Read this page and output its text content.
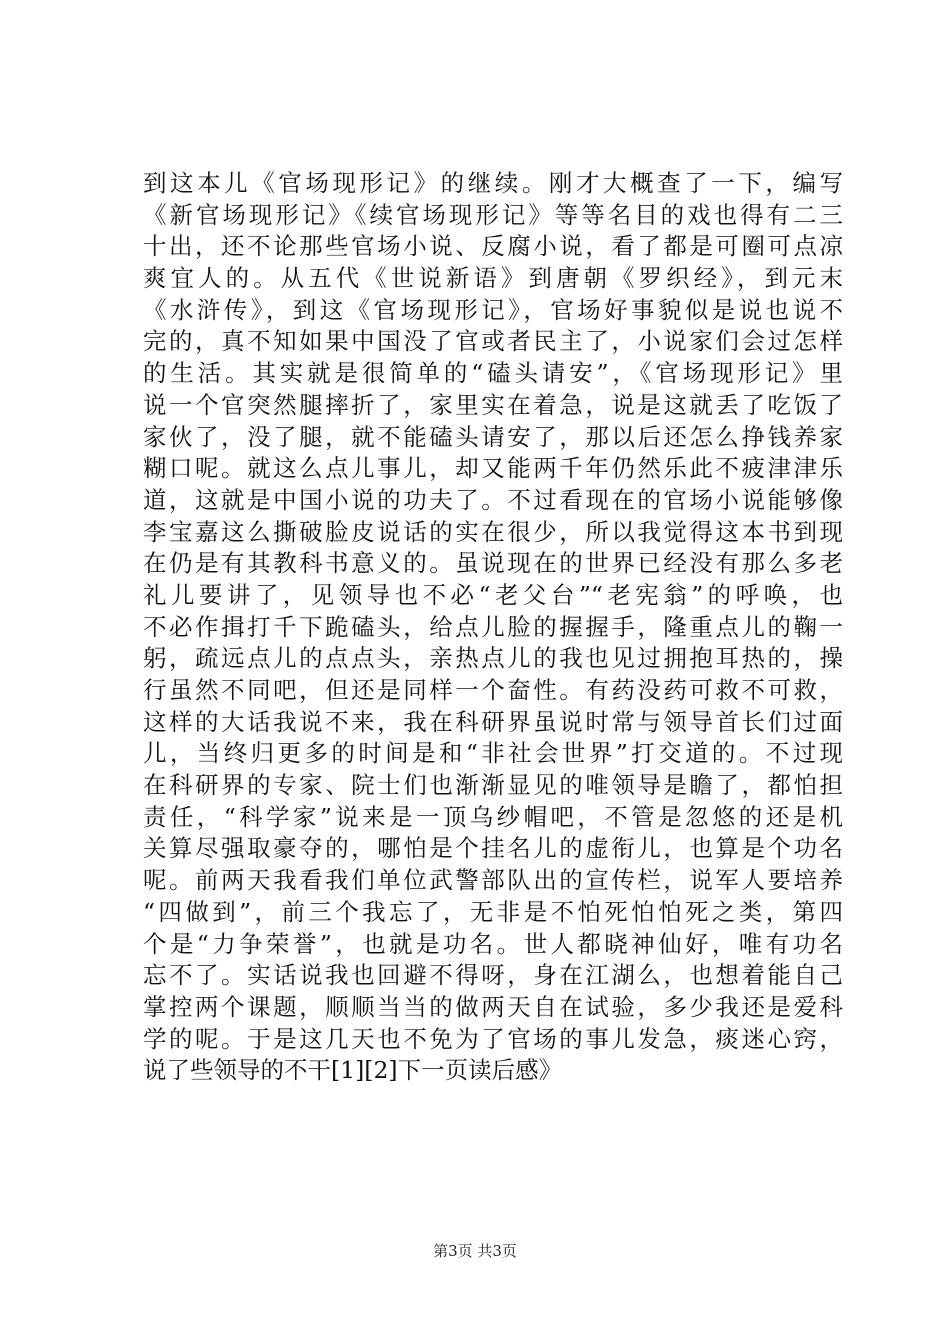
到这本儿《官场现形记》的继续。刚才大概查了一下，编写
《新官场现形记》《续官场现形记》等等名目的戏也得有二三
十出，还不论那些官场小说、反腐小说，看了都是可圈可点凉
爽宜人的。从五代《世说新语》到唐朝《罗织经》，到元末
《水浒传》，到这《官场现形记》，官场好事貌似是说也说不
完的，真不知如果中国没了官或者民主了，小说家们会过怎样
的生活。其实就是很简单的“磕头请安”，《官场现形记》里
说一个官突然腿摔折了，家里实在着急，说是这就丢了吃饭了
家伙了，没了腿，就不能磕头请安了，那以后还怎么挣钱养家
糊口呢。就这么点儿事儿，却又能两千年仍然乐此不疲津津乐
道，这就是中国小说的功夫了。不过看现在的官场小说能够像
李宝嘉这么撕破脸皮说话的实在很少，所以我觉得这本书到现
在仍是有其教科书意义的。虽说现在的世界已经没有那么多老
礼儿要讲了，见领导也不必“老父台”“老宪翁”的呼唤，也
不必作揖打千下跪磕头，给点儿脸的握握手，隆重点儿的鞠一
躬，疏远点儿的点点头，亲热点儿的我也见过拥抱耳热的，操
行虽然不同吧，但还是同样一个奤性。有药没药可救不可救，
这样的大话我说不来，我在科研界虽说时常与领导首长们过面
儿，当终归更多的时间是和“非社会世界”打交道的。不过现
在科研界的专家、院士们也渐渐显见的唯领导是瞻了，都怕担
责任，“科学家”说来是一顶乌纱帽吧，不管是忽悠的还是机
关算尽强取豪夺的，哪怕是个挂名儿的虚衔儿，也算是个功名
呢。前两天我看我们单位武警部队出的宣传栏，说军人要培养
“四做到”，前三个我忘了，无非是不怕死怕怕死之类，第四
个是“力争荣誉”，也就是功名。世人都晓神仙好，唯有功名
忘不了。实话说我也回避不得呀，身在江湖么，也想着能自己
掌控两个课题，顺顺当当的做两天自在试验，多少我还是爱科
学的呢。于是这几天也不免为了官场的事儿发急，痰迷心窍，
说了些领导的不干[1][2]下一页读后感》
第3页 共3页
